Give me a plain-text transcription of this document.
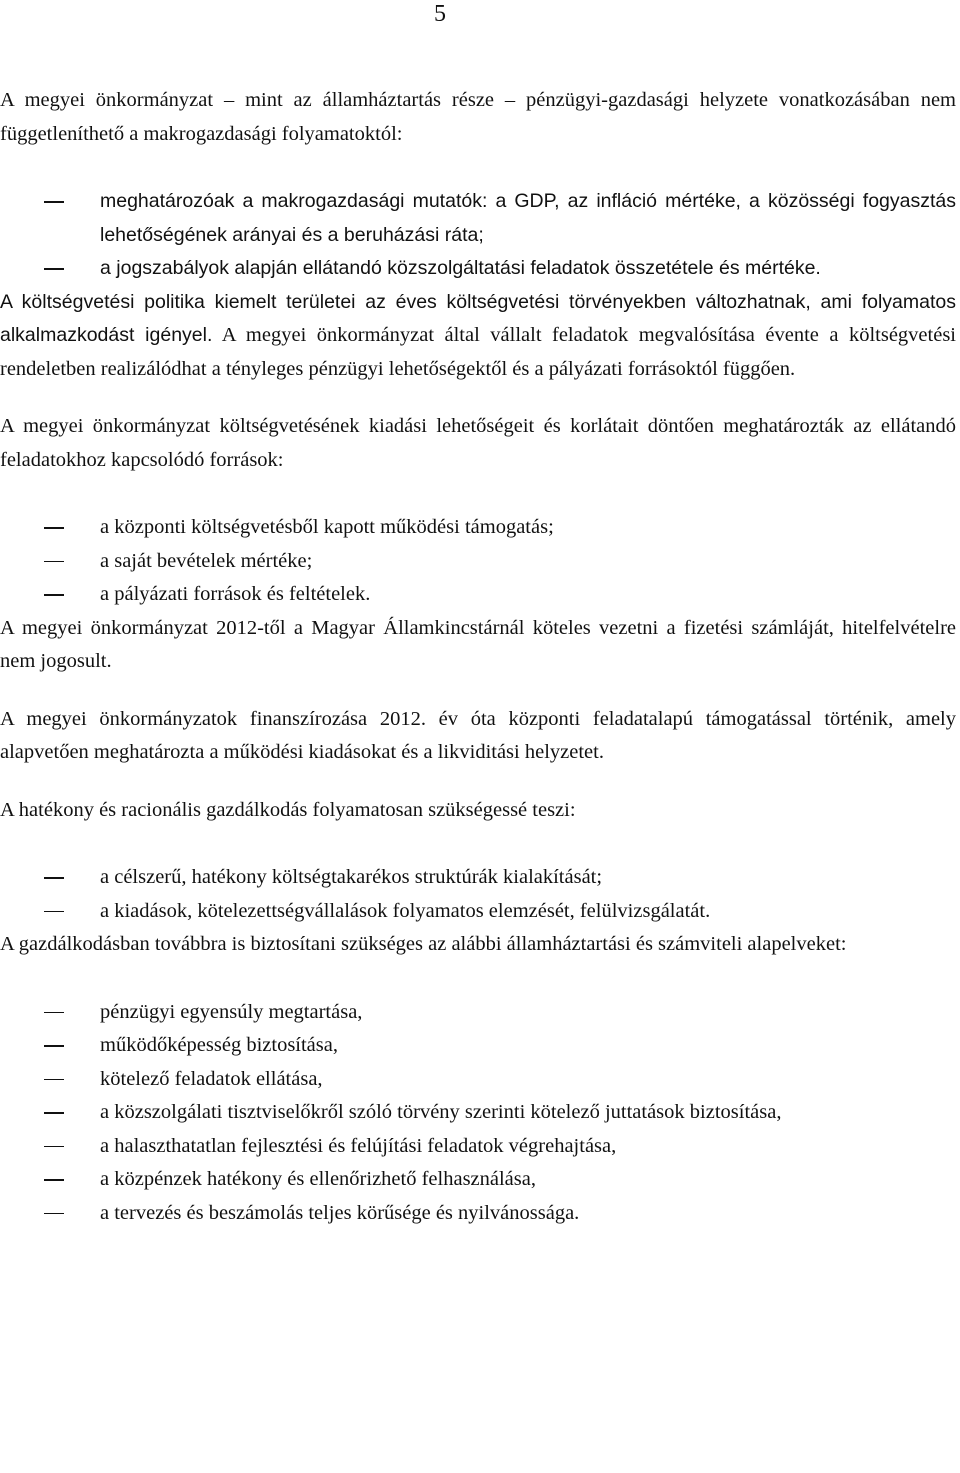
5

A megyei önkormányzat – mint az államháztartás része – pénzügyi-gazdasági helyzete vonatkozásában nem függetleníthető a makrogazdasági folyamatoktól:

meghatározóak a makrogazdasági mutatók: a GDP, az infláció mértéke, a közösségi fogyasztás lehetőségének arányai és a beruházási ráta;
a jogszabályok alapján ellátandó közszolgáltatási feladatok összetétele és mértéke.

A költségvetési politika kiemelt területei az éves költségvetési törvényekben változhatnak, ami folyamatos alkalmazkodást igényel. A megyei önkormányzat által vállalt feladatok megvalósítása évente a költségvetési rendeletben realizálódhat a tényleges pénzügyi lehetőségektől és a pályázati forrásoktól függően.

A megyei önkormányzat költségvetésének kiadási lehetőségeit és korlátait döntően meghatározták az ellátandó feladatokhoz kapcsolódó források:

a központi költségvetésből kapott működési támogatás;
a saját bevételek mértéke;
a pályázati források és feltételek.

A megyei önkormányzat 2012-től a Magyar Államkincstárnál köteles vezetni a fizetési számláját, hitelfelvételre nem jogosult.

A megyei önkormányzatok finanszírozása 2012. év óta központi feladatalapú támogatással történik, amely alapvetően meghatározta a működési kiadásokat és a likviditási helyzetet.

A hatékony és racionális gazdálkodás folyamatosan szükségessé teszi:

a célszerű, hatékony költségtakarékos struktúrák kialakítását;
a kiadások, kötelezettségvállalások folyamatos elemzését, felülvizsgálatát.

A gazdálkodásban továbbra is biztosítani szükséges az alábbi államháztartási és számviteli alapelveket:

pénzügyi egyensúly megtartása,
működőképesség biztosítása,
kötelező feladatok ellátása,
a közszolgálati tisztviselőkről szóló törvény szerinti kötelező juttatások biztosítása,
a halaszthatatlan fejlesztési és felújítási feladatok végrehajtása,
a közpénzek hatékony és ellenőrizhető felhasználása,
a tervezés és beszámolás teljes körűsége és nyilvánossága.
